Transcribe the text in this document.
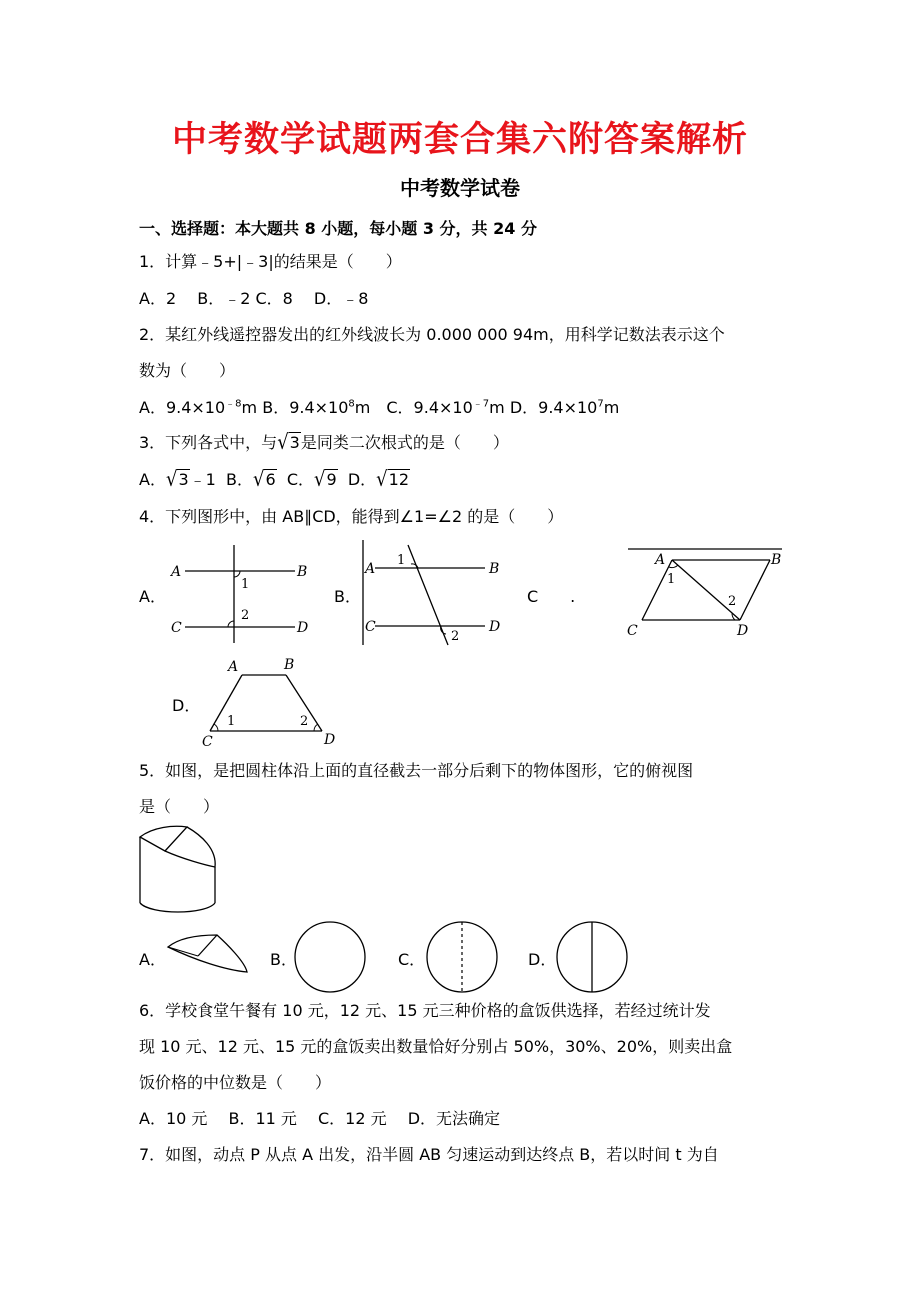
中考数学试题两套合集六附答案解析
中考数学试卷
一、选择题：本大题共 8 小题，每小题 3 分，共 24 分
1．计算﹣5+|﹣3|的结果是（　　）
A．2　 B．﹣2 C．8　 D．﹣8
2．某红外线遥控器发出的红外线波长为 0.000 000 94m，用科学记数法表示这个
数为（　　）
A．$9.4\times 10^{﹣8}m$ B．$9.4\times 10^8m$　C．$9.4\times 10^{﹣7}m$ D．$9.4\times 10^7m$
3．下列各式中，与√3是同类二次根式的是（　　）
A．√3﹣1 B．√6 C．√9 D．√12
4．下列图形中，由 AB∥CD，能得到∠1=∠2 的是（　　）
A．	B．	C　　.
D．
A	B
C	D
1
2
A	B
C	D
1
2
A	B
C	D
1
2
A	B
C	D
1	2
5．如图，是把圆柱体沿上面的直径截去一部分后剩下的物体图形，它的俯视图
是（　　）
A．	B．	C．	D．
6．学校食堂午餐有 10 元，12 元、15 元三种价格的盒饭供选择，若经过统计发
现 10 元、12 元、15 元的盒饭卖出数量恰好分别占 50%，30%、20%，则卖出盒
饭价格的中位数是（　　）
A．10 元　 B．11 元　 C．12 元　 D．无法确定
7．如图，动点 P 从点 A 出发，沿半圆 AB 匀速运动到达终点 B，若以时间 t 为自
